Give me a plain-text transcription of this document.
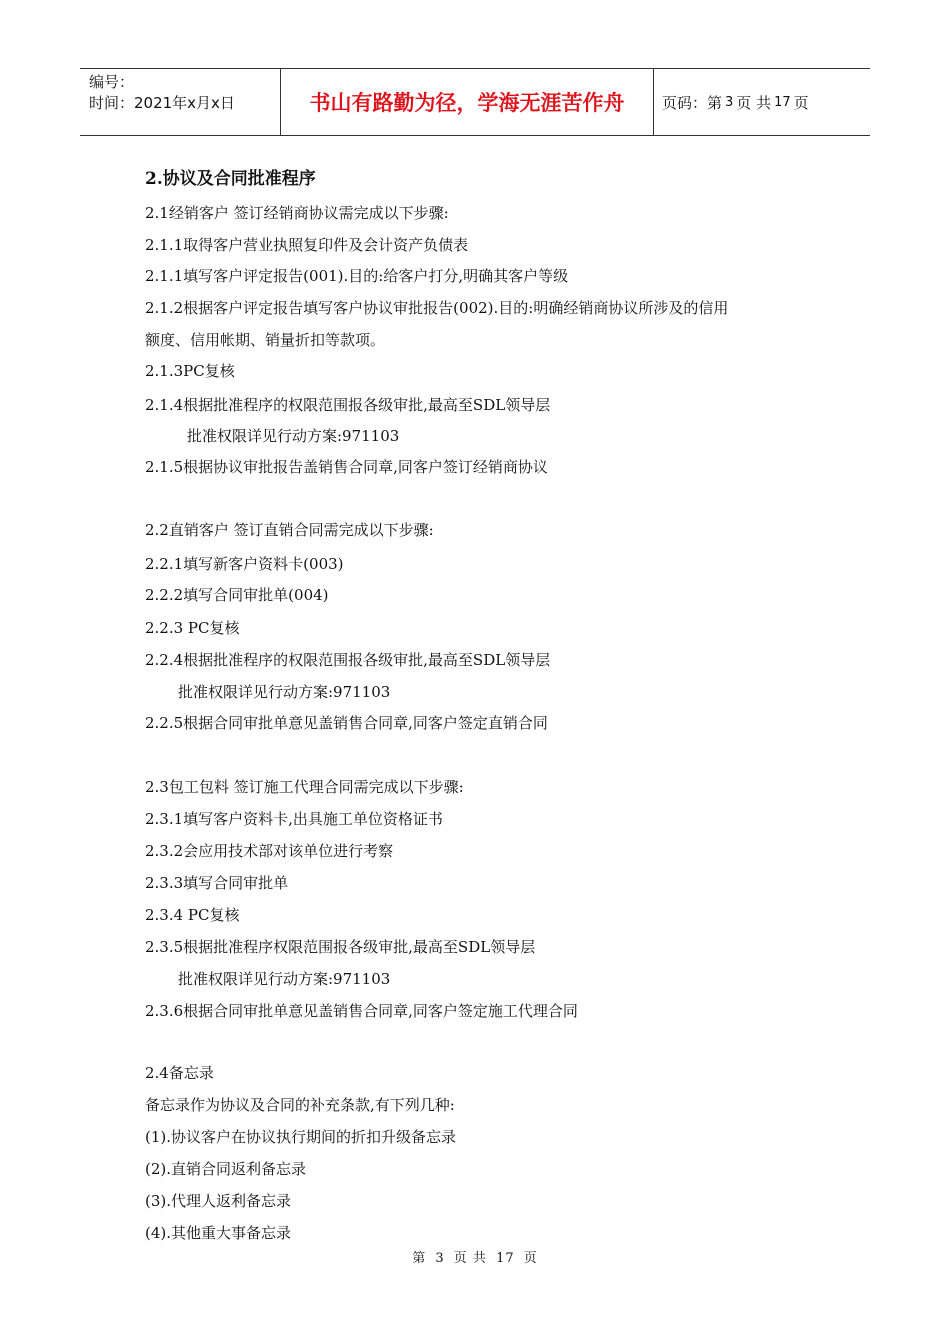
编号：
时间：2021年x月x日	书山有路勤为径，学海无涯苦作舟	页码：第 3 页 共 17 页
2.协议及合同批准程序
2.1经销客户 签订经销商协议需完成以下步骤:
2.1.1取得客户营业执照复印件及会计资产负债表
2.1.1填写客户评定报告(001).目的:给客户打分,明确其客户等级
2.1.2根据客户评定报告填写客户协议审批报告(002).目的:明确经销商协议所涉及的信用
额度、信用帐期、销量折扣等款项。
2.1.3PC复核
2.1.4根据批准程序的权限范围报各级审批,最高至SDL领导层
批准权限详见行动方案:971103
2.1.5根据协议审批报告盖销售合同章,同客户签订经销商协议
2.2直销客户 签订直销合同需完成以下步骤:
2.2.1填写新客户资料卡(003)
2.2.2填写合同审批单(004)
2.2.3 PC复核
2.2.4根据批准程序的权限范围报各级审批,最高至SDL领导层
批准权限详见行动方案:971103
2.2.5根据合同审批单意见盖销售合同章,同客户签定直销合同
2.3包工包料 签订施工代理合同需完成以下步骤:
2.3.1填写客户资料卡,出具施工单位资格证书
2.3.2会应用技术部对该单位进行考察
2.3.3填写合同审批单
2.3.4 PC复核
2.3.5根据批准程序权限范围报各级审批,最高至SDL领导层
批准权限详见行动方案:971103
2.3.6根据合同审批单意见盖销售合同章,同客户签定施工代理合同
2.4备忘录
备忘录作为协议及合同的补充条款,有下列几种:
(1).协议客户在协议执行期间的折扣升级备忘录
(2).直销合同返利备忘录
(3).代理人返利备忘录
(4).其他重大事备忘录
第 3 页 共 17 页
